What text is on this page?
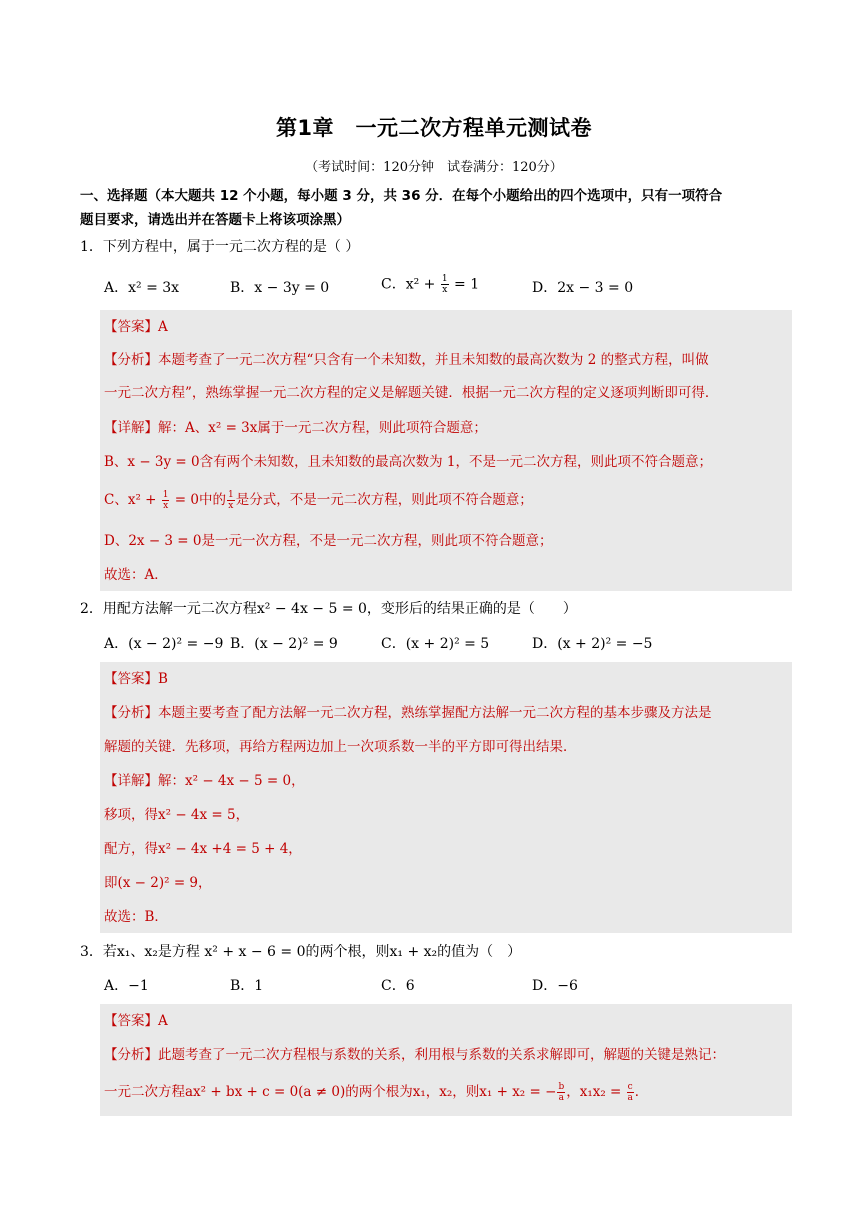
第1章　一元二次方程单元测试卷
（考试时间：120分钟　试卷满分：120分）
一、选择题（本大题共 12 个小题，每小题 3 分，共 36 分．在每个小题给出的四个选项中，只有一项符合
题目要求，请选出并在答题卡上将该项涂黑）
1．下列方程中，属于一元二次方程的是（ ）
A．x² = 3x	B．x − 3y = 0	C．$x^2 + \frac{1}{x} = 1$	D．2x − 3 = 0
【答案】A
【分析】本题考查了一元二次方程“只含有一个未知数，并且未知数的最高次数为 2 的整式方程，叫做
一元二次方程”，熟练掌握一元二次方程的定义是解题关键．根据一元二次方程的定义逐项判断即可得．
【详解】解：A、x² = 3x属于一元二次方程，则此项符合题意；
B、x − 3y = 0含有两个未知数，且未知数的最高次数为 1，不是一元二次方程，则此项不符合题意；
C、$x^2 + \frac{1}{x} = 0$中的 $\frac{1}{x}$ 是分式，不是一元二次方程，则此项不符合题意；
D、2x − 3 = 0是一元一次方程，不是一元二次方程，则此项不符合题意；
故选：A．
2．用配方法解一元二次方程x² − 4x − 5 = 0，变形后的结果正确的是（　　）
A．(x − 2)² = −9 B．(x − 2)² = 9	C．(x + 2)² = 5	D．(x + 2)² = −5
【答案】B
【分析】本题主要考查了配方法解一元二次方程，熟练掌握配方法解一元二次方程的基本步骤及方法是
解题的关键．先移项，再给方程两边加上一次项系数一半的平方即可得出结果．
【详解】解：x² − 4x − 5 = 0，
移项，得x² − 4x = 5，
配方，得x² − 4x +4 = 5 + 4，
即(x − 2)² = 9，
故选：B．
3．若x₁、x₂是方程 x² + x − 6 = 0的两个根，则x₁ + x₂的值为（　）
A．−1	B．1	C．6	D．−6
【答案】A
【分析】此题考查了一元二次方程根与系数的关系，利用根与系数的关系求解即可，解题的关键是熟记：
一元二次方程ax² + bx + c = 0(a ≠ 0)的两个根为x₁，x₂，则x₁ + x₂ = − $\frac{b}{a}$ ，$x_1x_2 = \frac{c}{a}$ ．
